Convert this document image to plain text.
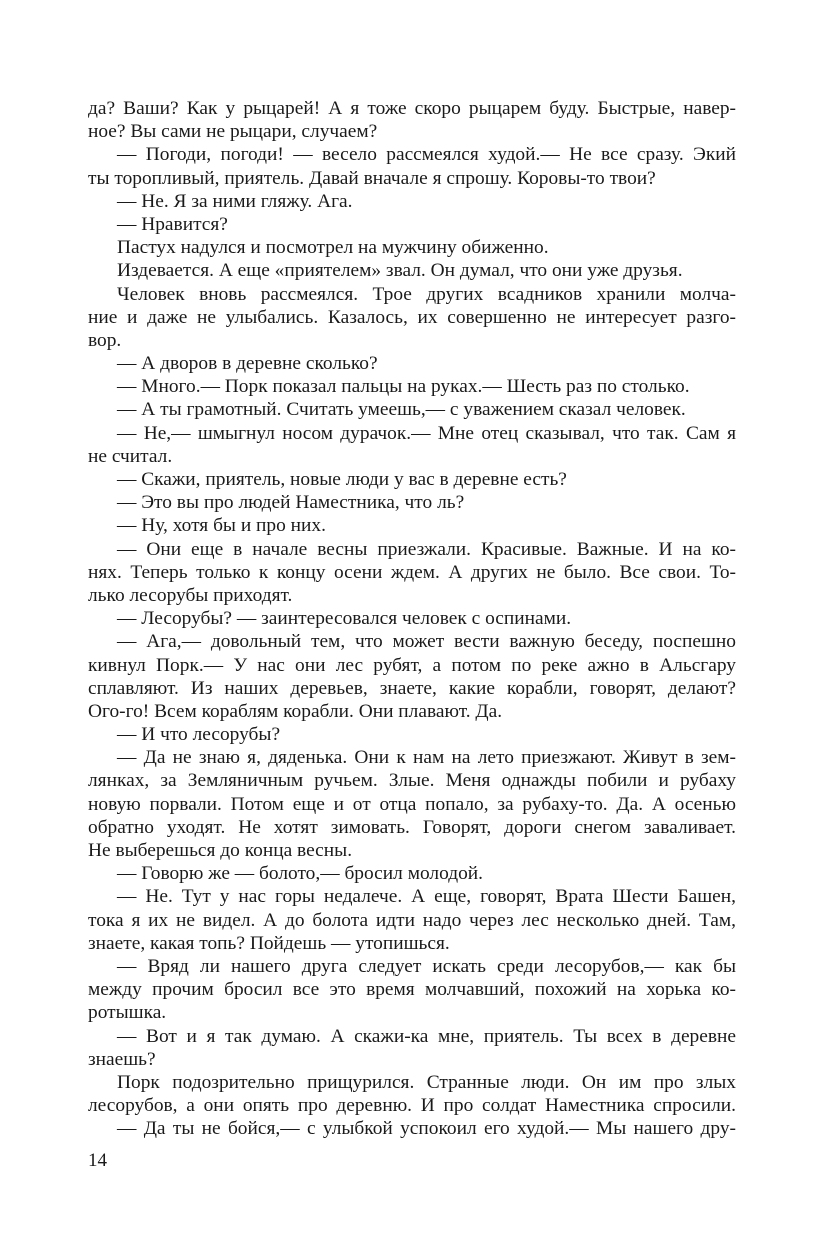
да? Ваши? Как у рыцарей! А я тоже скоро рыцарем буду. Быстрые, навер-
ное? Вы сами не рыцари, случаем?
— Погоди, погоди! — весело рассмеялся худой.— Не все сразу. Экий
ты торопливый, приятель. Давай вначале я спрошу. Коровы-то твои?
— Не. Я за ними гляжу. Ага.
— Нравится?
Пастух надулся и посмотрел на мужчину обиженно.
Издевается. А еще «приятелем» звал. Он думал, что они уже друзья.
Человек вновь рассмеялся. Трое других всадников хранили молча-
ние и даже не улыбались. Казалось, их совершенно не интересует разго-
вор.
— А дворов в деревне сколько?
— Много.— Порк показал пальцы на руках.— Шесть раз по столько.
— А ты грамотный. Считать умеешь,— с уважением сказал человек.
— Не,— шмыгнул носом дурачок.— Мне отец сказывал, что так. Сам я
не считал.
— Скажи, приятель, новые люди у вас в деревне есть?
— Это вы про людей Наместника, что ль?
— Ну, хотя бы и про них.
— Они еще в начале весны приезжали. Красивые. Важные. И на ко-
нях. Теперь только к концу осени ждем. А других не было. Все свои. То-
лько лесорубы приходят.
— Лесорубы? — заинтересовался человек с оспинами.
— Ага,— довольный тем, что может вести важную беседу, поспешно
кивнул Порк.— У нас они лес рубят, а потом по реке ажно в Альсгару
сплавляют. Из наших деревьев, знаете, какие корабли, говорят, делают?
Ого-го! Всем кораблям корабли. Они плавают. Да.
— И что лесорубы?
— Да не знаю я, дяденька. Они к нам на лето приезжают. Живут в зем-
лянках, за Земляничным ручьем. Злые. Меня однажды побили и рубаху
новую порвали. Потом еще и от отца попало, за рубаху-то. Да. А осенью
обратно уходят. Не хотят зимовать. Говорят, дороги снегом заваливает.
Не выберешься до конца весны.
— Говорю же — болото,— бросил молодой.
— Не. Тут у нас горы недалече. А еще, говорят, Врата Шести Башен,
тока я их не видел. А до болота идти надо через лес несколько дней. Там,
знаете, какая топь? Пойдешь — утопишься.
— Вряд ли нашего друга следует искать среди лесорубов,— как бы
между прочим бросил все это время молчавший, похожий на хорька ко-
ротышка.
— Вот и я так думаю. А скажи-ка мне, приятель. Ты всех в деревне
знаешь?
Порк подозрительно прищурился. Странные люди. Он им про злых
лесорубов, а они опять про деревню. И про солдат Наместника спросили.
— Да ты не бойся,— с улыбкой успокоил его худой.— Мы нашего дру-
14
